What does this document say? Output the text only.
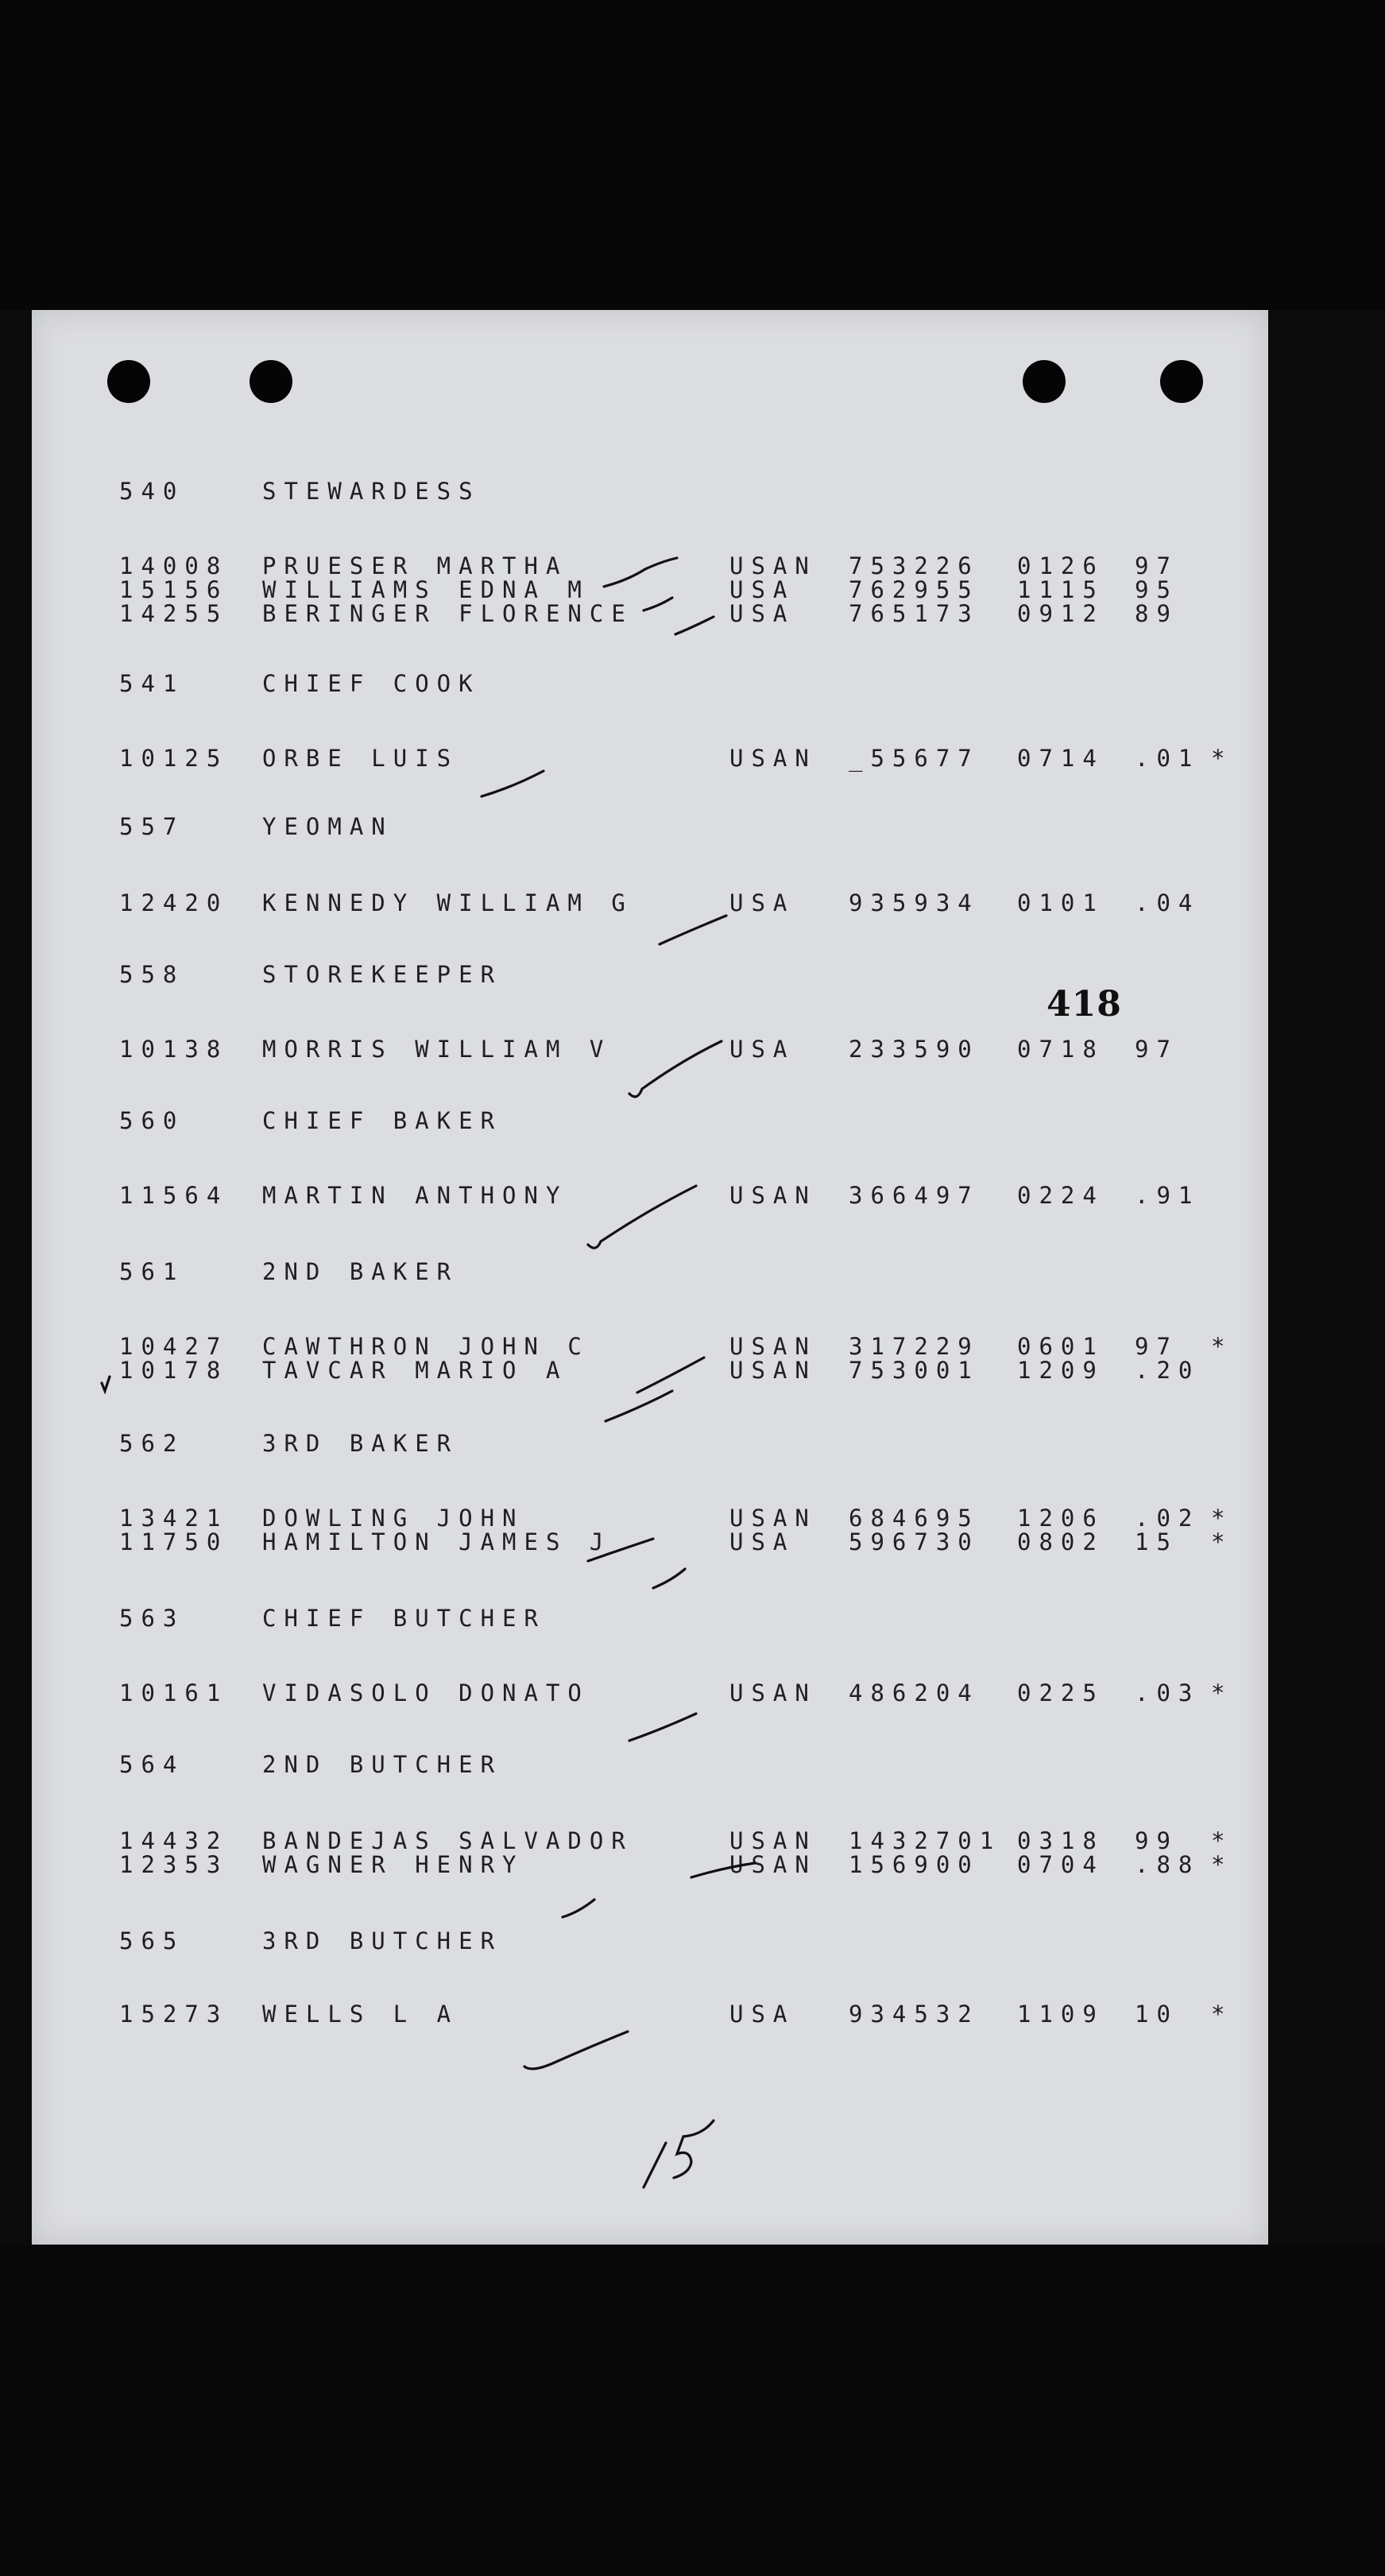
418
540	STEWARDESS
14008 PRUESER MARTHA	USAN 753226 0126 97
15156 WILLIAMS EDNA M	USA 762955 1115 95
14255 BERINGER FLORENCE	USA 765173 0912 89
541	CHIEF COOK
10125 ORBE LUIS	USAN _55677 0714 .01 *
557	YEOMAN
12420 KENNEDY WILLIAM G	USA 935934 0101 .04
558	STOREKEEPER
10138 MORRIS WILLIAM V	USA 233590 0718 97
560	CHIEF BAKER
11564 MARTIN ANTHONY	USAN 366497 0224 .91
561	2ND BAKER
10427 CAWTHRON JOHN C	USAN 317229 0601 97 *
10178 TAVCAR MARIO A	USAN 753001 1209 .20
562	3RD BAKER
13421 DOWLING JOHN	USAN 684695 1206 .02 *
11750 HAMILTON JAMES J	USA 596730 0802 15 *
563	CHIEF BUTCHER
10161 VIDASOLO DONATO	USAN 486204 0225 .03 *
564	2ND BUTCHER
14432 BANDEJAS SALVADOR	USAN 1432701 0318 99 *
12353 WAGNER HENRY	USAN 156900 0704 .88 *
565	3RD BUTCHER
15273 WELLS L A	USA 934532 1109 10 *
